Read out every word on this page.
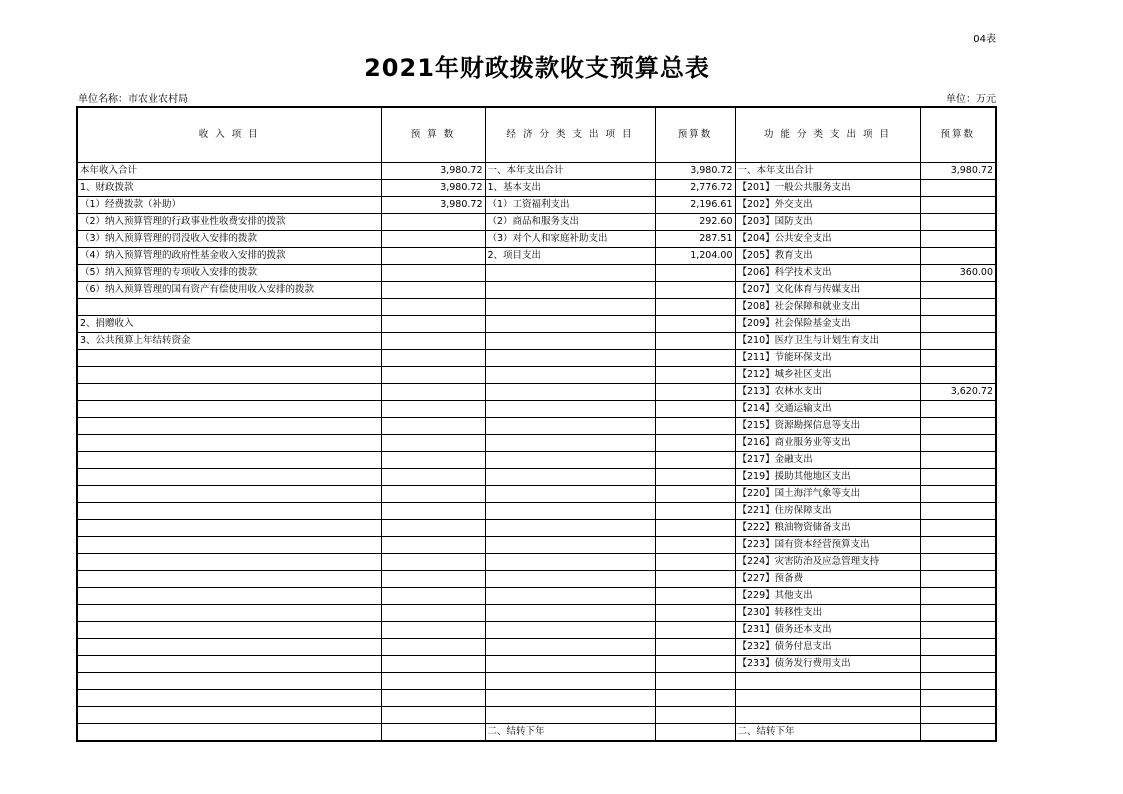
04表
2021年财政拨款收支预算总表
单位名称：市农业农村局	单位：万元
收 入 项 目	预 算 数	经 济 分 类 支 出 项 目	预算数	功 能 分 类 支 出 项 目	预算数
本年收入合计	3,980.72	一、本年支出合计	3,980.72	一、本年支出合计	3,980.72
1、财政拨款	3,980.72	1、基本支出	2,776.72	【201】一般公共服务支出	
（1）经费拨款（补助）	3,980.72	（1）工资福利支出	2,196.61	【202】外交支出	
（2）纳入预算管理的行政事业性收费安排的拨款		（2）商品和服务支出	292.60	【203】国防支出	
（3）纳入预算管理的罚没收入安排的拨款		（3）对个人和家庭补助支出	287.51	【204】公共安全支出	
（4）纳入预算管理的政府性基金收入安排的拨款		2、项目支出	1,204.00	【205】教育支出	
（5）纳入预算管理的专项收入安排的拨款				【206】科学技术支出	360.00
（6）纳入预算管理的国有资产有偿使用收入安排的拨款				【207】文化体育与传媒支出	
				【208】社会保障和就业支出	
2、捐赠收入				【209】社会保险基金支出	
3、公共预算上年结转资金				【210】医疗卫生与计划生育支出	
				【211】节能环保支出	
				【212】城乡社区支出	
				【213】农林水支出	3,620.72
				【214】交通运输支出	
				【215】资源勘探信息等支出	
				【216】商业服务业等支出	
				【217】金融支出	
				【219】援助其他地区支出	
				【220】国土海洋气象等支出	
				【221】住房保障支出	
				【222】粮油物资储备支出	
				【223】国有资本经营预算支出	
				【224】灾害防治及应急管理支持	
				【227】预备费	
				【229】其他支出	
				【230】转移性支出	
				【231】债务还本支出	
				【232】债务付息支出	
				【233】债务发行费用支出	

		二、结转下年		二、结转下年	
